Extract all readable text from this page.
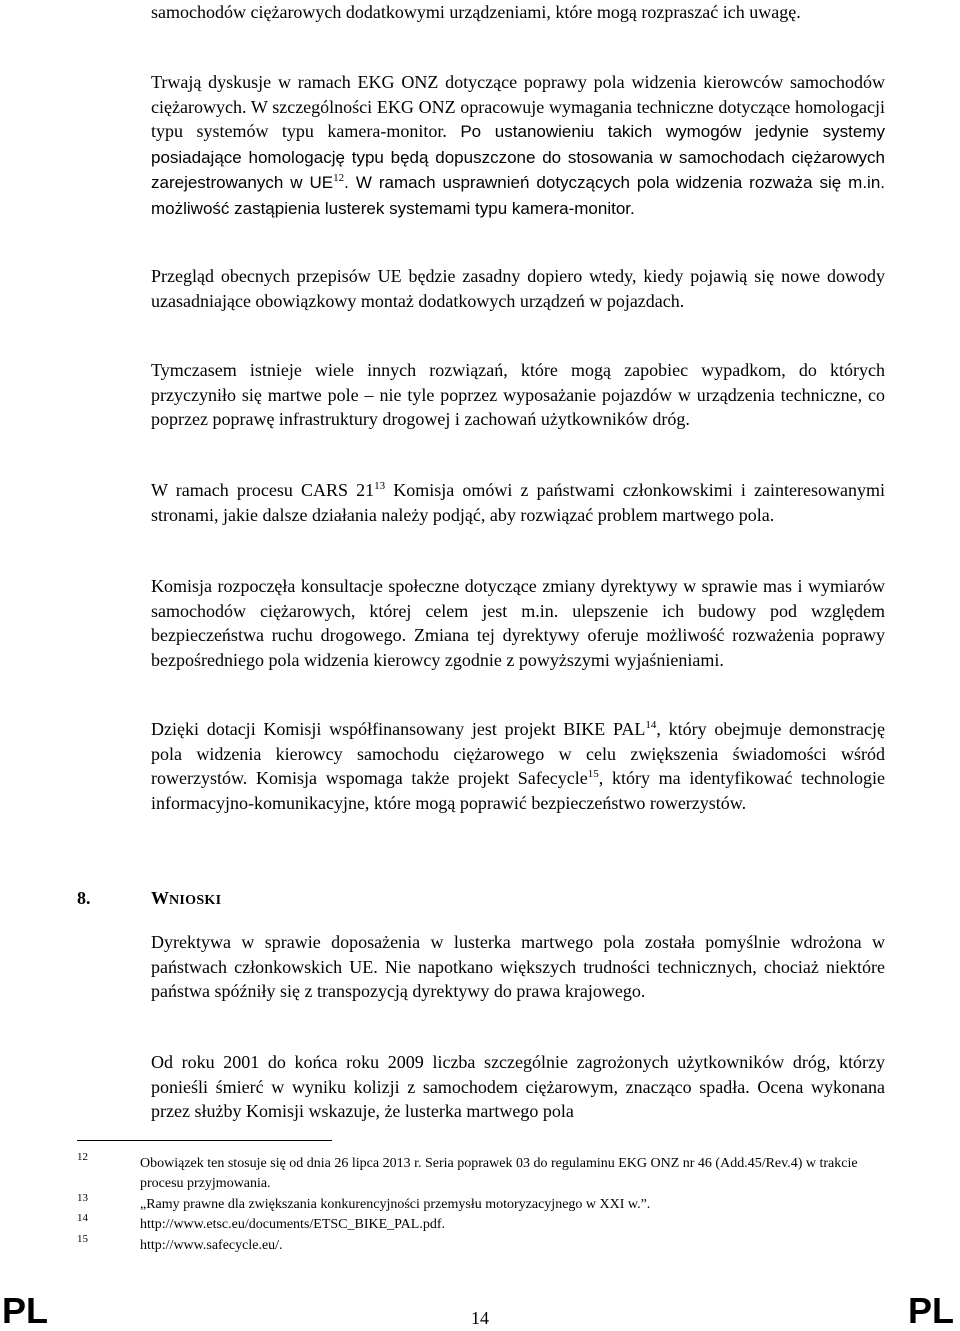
samochodów ciężarowych dodatkowymi urządzeniami, które mogą rozpraszać ich uwagę.

Trwają dyskusje w ramach EKG ONZ dotyczące poprawy pola widzenia kierowców samochodów ciężarowych. W szczególności EKG ONZ opracowuje wymagania techniczne dotyczące homologacji typu systemów typu kamera-monitor. Po ustanowieniu takich wymogów jedynie systemy posiadające homologację typu będą dopuszczone do stosowania w samochodach ciężarowych zarejestrowanych w UE$^{12}$. W ramach usprawnień dotyczących pola widzenia rozważa się m.in. możliwość zastąpienia lusterek systemami typu kamera-monitor.

Przegląd obecnych przepisów UE będzie zasadny dopiero wtedy, kiedy pojawią się nowe dowody uzasadniające obowiązkowy montaż dodatkowych urządzeń w pojazdach.

Tymczasem istnieje wiele innych rozwiązań, które mogą zapobiec wypadkom, do których przyczyniło się martwe pole – nie tyle poprzez wyposażanie pojazdów w urządzenia techniczne, co poprzez poprawę infrastruktury drogowej i zachowań użytkowników dróg.

W ramach procesu CARS $21^{13}$ Komisja omówi z państwami członkowskimi i zainteresowanymi stronami, jakie dalsze działania należy podjąć, aby rozwiązać problem martwego pola.

Komisja rozpoczęła konsultacje społeczne dotyczące zmiany dyrektywy w sprawie mas i wymiarów samochodów ciężarowych, której celem jest m.in. ulepszenie ich budowy pod względem bezpieczeństwa ruchu drogowego. Zmiana tej dyrektywy oferuje możliwość rozważenia poprawy bezpośredniego pola widzenia kierowcy zgodnie z powyższymi wyjaśnieniami.

Dzięki dotacji Komisji współfinansowany jest projekt BIKE PAL$^{14}$, który obejmuje demonstrację pola widzenia kierowcy samochodu ciężarowego w celu zwiększenia świadomości wśród rowerzystów. Komisja wspomaga także projekt Safecycle$^{15}$, który ma identyfikować technologie informacyjno-komunikacyjne, które mogą poprawić bezpieczeństwo rowerzystów.

8.	WNIOSKI

Dyrektywa w sprawie doposażenia w lusterka martwego pola została pomyślnie wdrożona w państwach członkowskich UE. Nie napotkano większych trudności technicznych, chociaż niektóre państwa spóźniły się z transpozycją dyrektywy do prawa krajowego.

Od roku 2001 do końca roku 2009 liczba szczególnie zagrożonych użytkowników dróg, którzy ponieśli śmierć w wyniku kolizji z samochodem ciężarowym, znacząco spadła. Ocena wykonana przez służby Komisji wskazuje, że lusterka martwego pola

12	Obowiązek ten stosuje się od dnia 26 lipca 2013 r. Seria poprawek 03 do regulaminu EKG ONZ nr 46 (Add.45/Rev.4) w trakcie procesu przyjmowania.
13	„Ramy prawne dla zwiększania konkurencyjności przemysłu motoryzacyjnego w XXI w.”.
14	http://www.etsc.eu/documents/ETSC_BIKE_PAL.pdf.
15	http://www.safecycle.eu/.
PL	14	PL
